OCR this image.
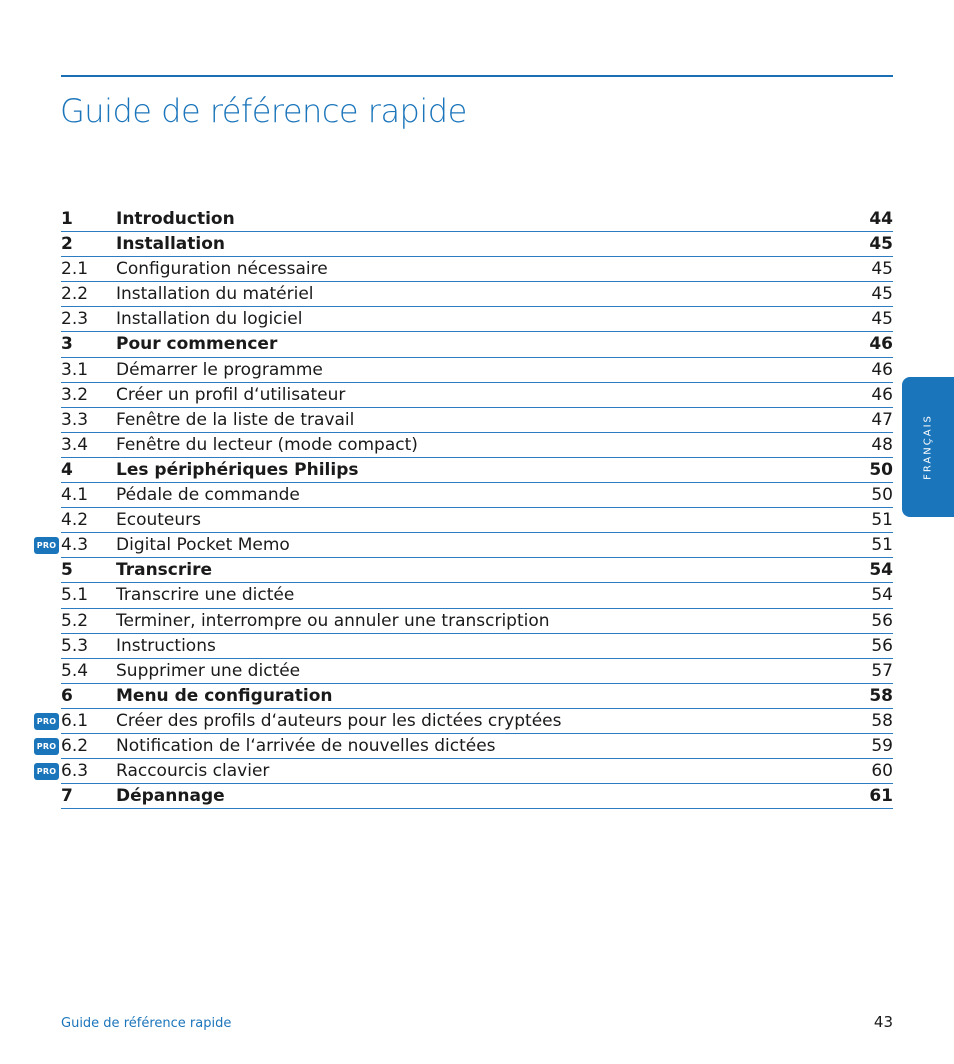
Guide de référence rapide
1	Introduction	44
2	Installation	45
2.1 Configuration nécessaire	45
2.2 Installation du matériel	45
2.3 Installation du logiciel	45
3	Pour commencer	46
3.1 Démarrer le programme	46
3.2 Créer un profil d‘utilisateur	46
3.3 Fenêtre de la liste de travail	47
3.4 Fenêtre du lecteur (mode compact)	48
4	Les périphériques Philips	50
4.1 Pédale de commande	50
4.2 Ecouteurs	51
PRO 4.3 Digital Pocket Memo	51
5	Transcrire	54
5.1 Transcrire une dictée	54
5.2 Terminer, interrompre ou annuler une transcription	56
5.3 Instructions	56
5.4 Supprimer une dictée	57
6	Menu de configuration	58
PRO 6.1 Créer des profils d‘auteurs pour les dictées cryptées	58
PRO 6.2 Notification de l‘arrivée de nouvelles dictées	59
PRO 6.3 Raccourcis clavier	60
7	Dépannage	61
FRANÇAIS
Guide de référence rapide	43
